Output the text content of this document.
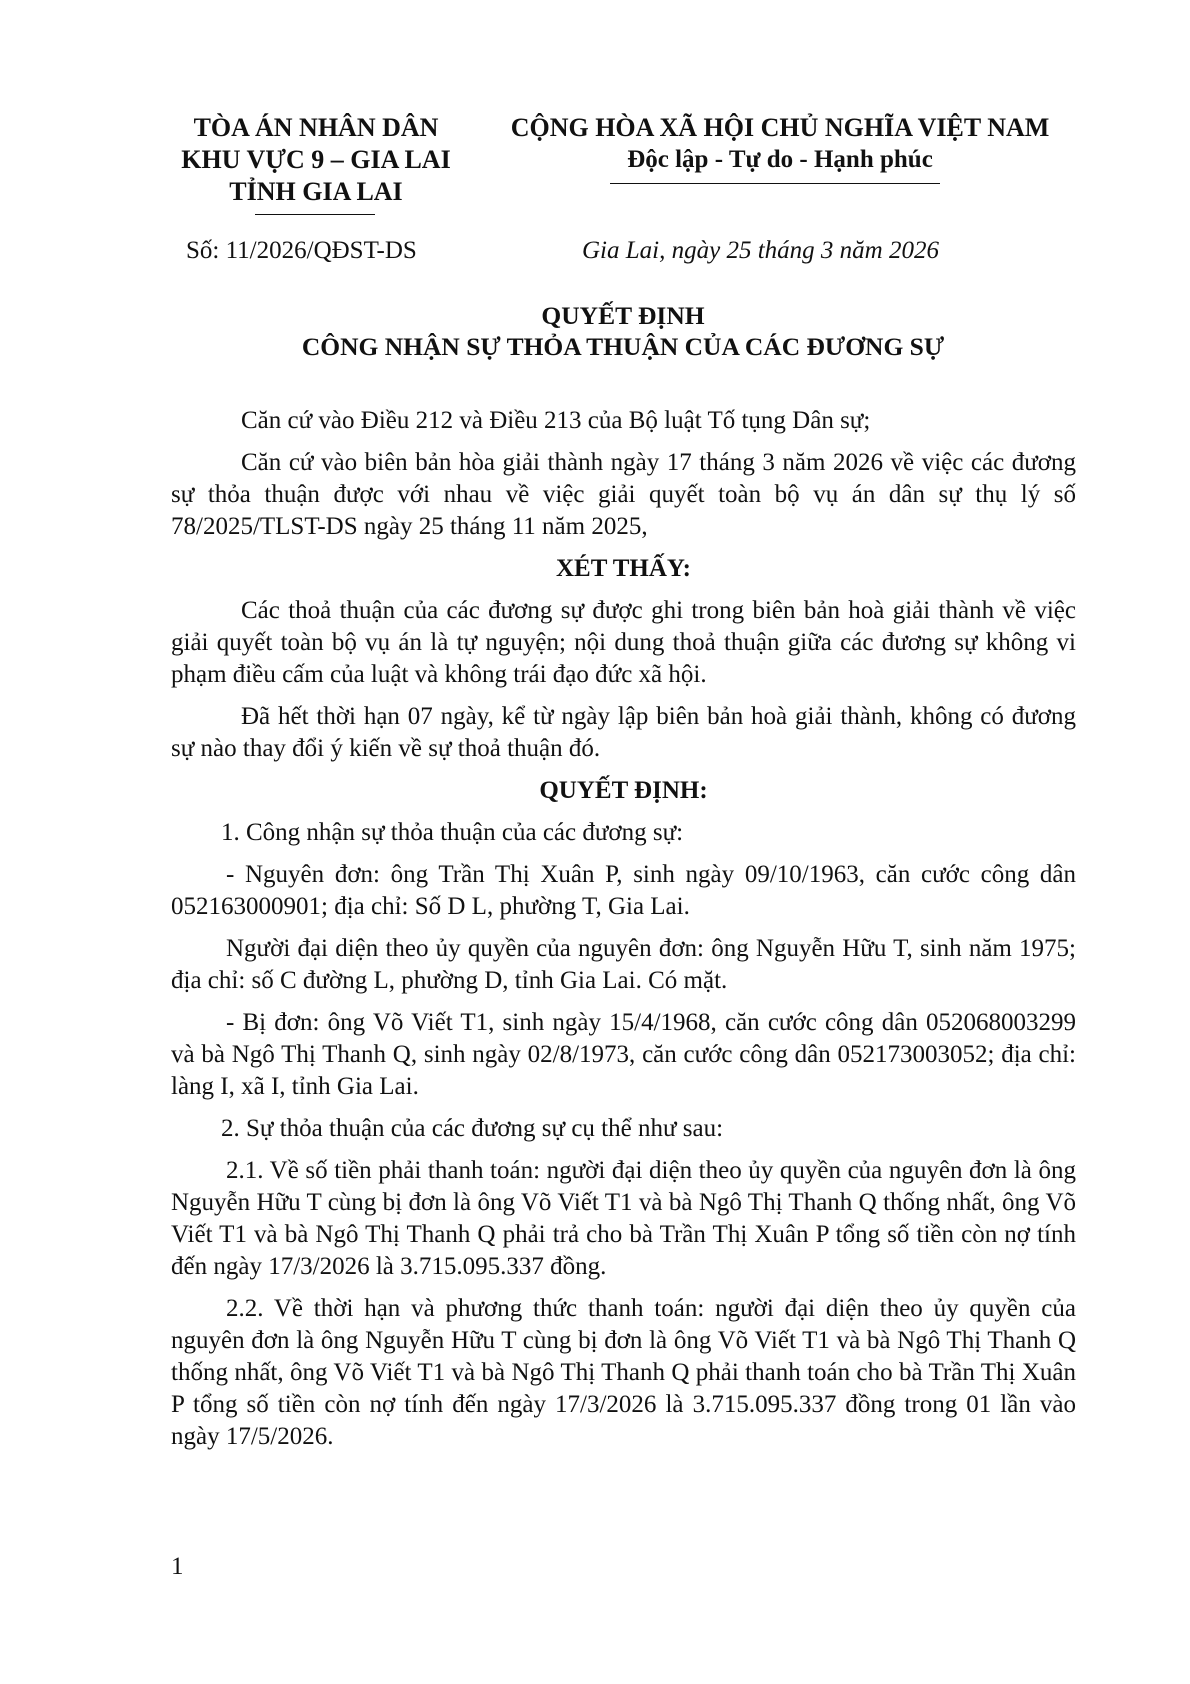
TÒA ÁN NHÂN DÂN
KHU VỰC 9 – GIA LAI
TỈNH GIA LAI
CỘNG HÒA XÃ HỘI CHỦ NGHĨA VIỆT NAM
Độc lập - Tự do - Hạnh phúc
Số: 11/2026/QĐST-DS	Gia Lai, ngày 25 tháng 3 năm 2026
QUYẾT ĐỊNH
CÔNG NHẬN SỰ THỎA THUẬN CỦA CÁC ĐƯƠNG SỰ

Căn cứ vào Điều 212 và Điều 213 của Bộ luật Tố tụng Dân sự;

Căn cứ vào biên bản hòa giải thành ngày 17 tháng 3 năm 2026 về việc các đương sự thỏa thuận được với nhau về việc giải quyết toàn bộ vụ án dân sự thụ lý số 78/2025/TLST-DS ngày 25 tháng 11 năm 2025,

XÉT THẤY:

Các thoả thuận của các đương sự được ghi trong biên bản hoà giải thành về việc giải quyết toàn bộ vụ án là tự nguyện; nội dung thoả thuận giữa các đương sự không vi phạm điều cấm của luật và không trái đạo đức xã hội.

Đã hết thời hạn 07 ngày, kể từ ngày lập biên bản hoà giải thành, không có đương sự nào thay đổi ý kiến về sự thoả thuận đó.

QUYẾT ĐỊNH:

1. Công nhận sự thỏa thuận của các đương sự:

- Nguyên đơn: ông Trần Thị Xuân P, sinh ngày 09/10/1963, căn cước công dân 052163000901; địa chỉ: Số D L, phường T, Gia Lai.

Người đại diện theo ủy quyền của nguyên đơn: ông Nguyễn Hữu T, sinh năm 1975; địa chỉ: số C đường L, phường D, tỉnh Gia Lai. Có mặt.

- Bị đơn: ông Võ Viết T1, sinh ngày 15/4/1968, căn cước công dân 052068003299 và bà Ngô Thị Thanh Q, sinh ngày 02/8/1973, căn cước công dân 052173003052; địa chỉ: làng I, xã I, tỉnh Gia Lai.

2. Sự thỏa thuận của các đương sự cụ thể như sau:

2.1. Về số tiền phải thanh toán: người đại diện theo ủy quyền của nguyên đơn là ông Nguyễn Hữu T cùng bị đơn là ông Võ Viết T1 và bà Ngô Thị Thanh Q thống nhất, ông Võ Viết T1 và bà Ngô Thị Thanh Q phải trả cho bà Trần Thị Xuân P tổng số tiền còn nợ tính đến ngày 17/3/2026 là 3.715.095.337 đồng.

2.2. Về thời hạn và phương thức thanh toán: người đại diện theo ủy quyền của nguyên đơn là ông Nguyễn Hữu T cùng bị đơn là ông Võ Viết T1 và bà Ngô Thị Thanh Q thống nhất, ông Võ Viết T1 và bà Ngô Thị Thanh Q phải thanh toán cho bà Trần Thị Xuân P tổng số tiền còn nợ tính đến ngày 17/3/2026 là 3.715.095.337 đồng trong 01 lần vào ngày 17/5/2026.

1
